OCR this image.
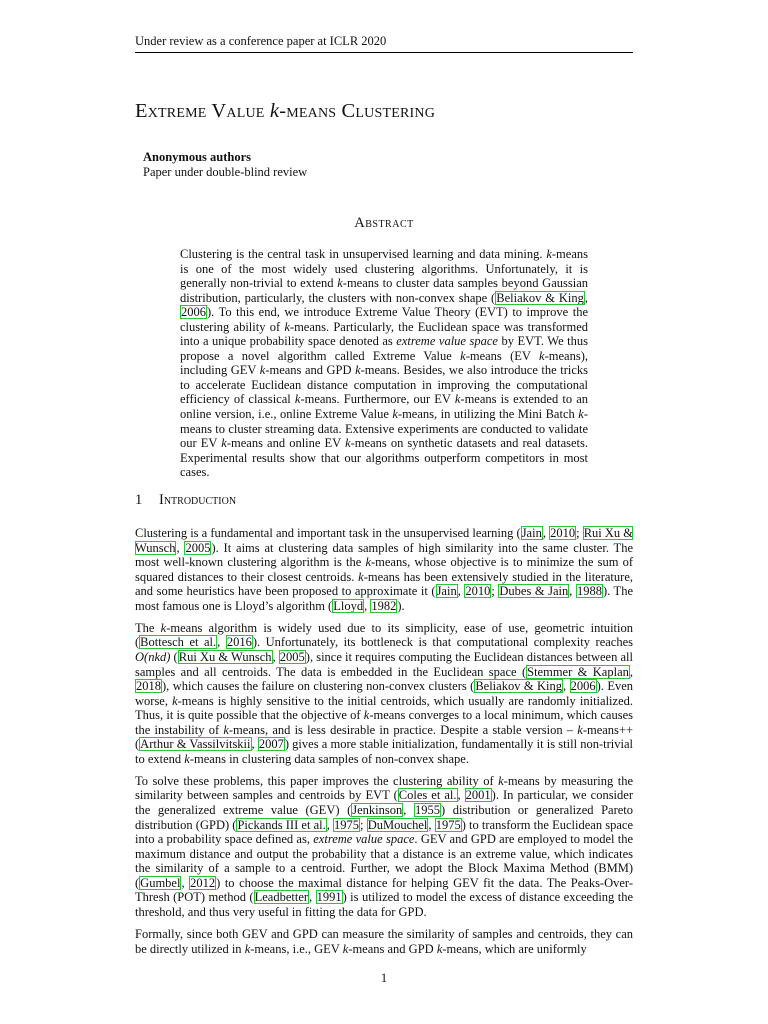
Under review as a conference paper at ICLR 2020
Extreme Value k-means Clustering
Anonymous authors
Paper under double-blind review
Abstract

Clustering is the central task in unsupervised learning and data mining. k-means is one of the most widely used clustering algorithms. Unfortunately, it is generally non-trivial to extend k-means to cluster data samples beyond Gaussian distribution, particularly, the clusters with non-convex shape (Beliakov & King, 2006). To this end, we introduce Extreme Value Theory (EVT) to improve the clustering ability of k-means. Particularly, the Euclidean space was transformed into a unique probability space denoted as extreme value space by EVT. We thus propose a novel algorithm called Extreme Value k-means (EV k-means), including GEV k-means and GPD k-means. Besides, we also introduce the tricks to accelerate Euclidean distance computation in improving the computational efficiency of classical k-means. Furthermore, our EV k-means is extended to an online version, i.e., online Extreme Value k-means, in utilizing the Mini Batch k-means to cluster streaming data. Extensive experiments are conducted to validate our EV k-means and online EV k-means on synthetic datasets and real datasets. Experimental results show that our algorithms outperform competitors in most cases.

1 Introduction

Clustering is a fundamental and important task in the unsupervised learning (Jain, 2010; Rui Xu & Wunsch, 2005). It aims at clustering data samples of high similarity into the same cluster. The most well-known clustering algorithm is the k-means, whose objective is to minimize the sum of squared distances to their closest centroids. k-means has been extensively studied in the literature, and some heuristics have been proposed to approximate it (Jain, 2010; Dubes & Jain, 1988). The most famous one is Lloyd’s algorithm (Lloyd, 1982).

The k-means algorithm is widely used due to its simplicity, ease of use, geometric intuition (Bottesch et al., 2016). Unfortunately, its bottleneck is that computational complexity reaches O(nkd) (Rui Xu & Wunsch, 2005), since it requires computing the Euclidean distances between all samples and all centroids. The data is embedded in the Euclidean space (Stemmer & Kaplan, 2018), which causes the failure on clustering non-convex clusters (Beliakov & King, 2006). Even worse, k-means is highly sensitive to the initial centroids, which usually are randomly initialized. Thus, it is quite possible that the objective of k-means converges to a local minimum, which causes the instability of k-means, and is less desirable in practice. Despite a stable version – k-means++ (Arthur & Vassilvitskii, 2007) gives a more stable initialization, fundamentally it is still non-trivial to extend k-means in clustering data samples of non-convex shape.

To solve these problems, this paper improves the clustering ability of k-means by measuring the similarity between samples and centroids by EVT (Coles et al., 2001). In particular, we consider the generalized extreme value (GEV) (Jenkinson, 1955) distribution or generalized Pareto distribution (GPD) (Pickands III et al., 1975; DuMouchel, 1975) to transform the Euclidean space into a probability space defined as, extreme value space. GEV and GPD are employed to model the maximum distance and output the probability that a distance is an extreme value, which indicates the similarity of a sample to a centroid. Further, we adopt the Block Maxima Method (BMM) (Gumbel, 2012) to choose the maximal distance for helping GEV fit the data. The Peaks-Over-Thresh (POT) method (Leadbetter, 1991) is utilized to model the excess of distance exceeding the threshold, and thus very useful in fitting the data for GPD.

Formally, since both GEV and GPD can measure the similarity of samples and centroids, they can be directly utilized in k-means, i.e., GEV k-means and GPD k-means, which are uniformly

1
